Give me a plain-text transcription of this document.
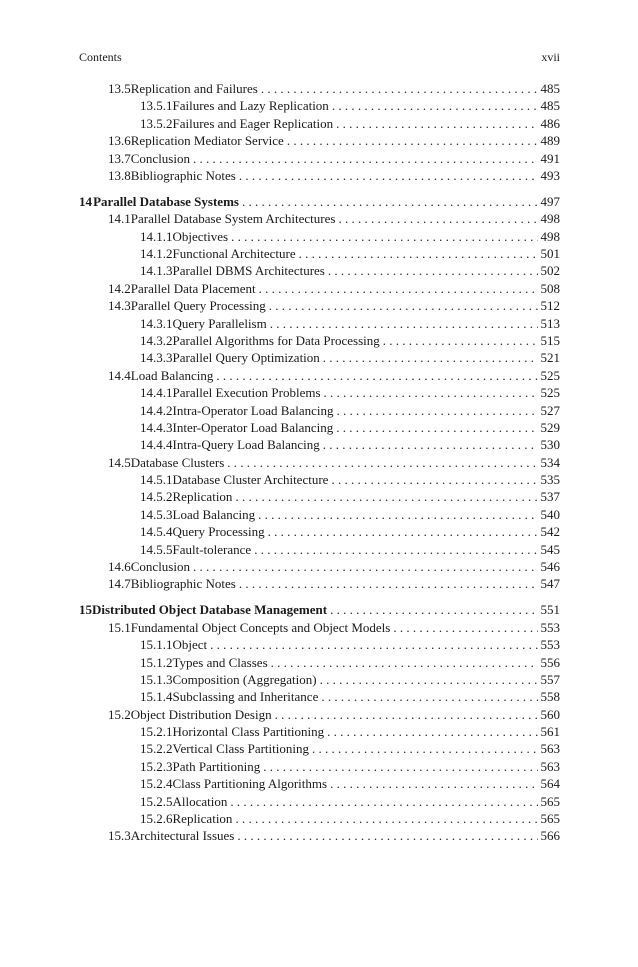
Contents	xvii
13.5 Replication and Failures . . .	485
13.5.1 Failures and Lazy Replication . . .	485
13.5.2 Failures and Eager Replication . . .	486
13.6 Replication Mediator Service . . .	489
13.7 Conclusion . . .	491
13.8 Bibliographic Notes . . .	493
14 Parallel Database Systems . . .	497
14.1 Parallel Database System Architectures . . .	498
14.1.1 Objectives . . .	498
14.1.2 Functional Architecture . . .	501
14.1.3 Parallel DBMS Architectures . . .	502
14.2 Parallel Data Placement . . .	508
14.3 Parallel Query Processing . . .	512
14.3.1 Query Parallelism . . .	513
14.3.2 Parallel Algorithms for Data Processing . . .	515
14.3.3 Parallel Query Optimization . . .	521
14.4 Load Balancing . . .	525
14.4.1 Parallel Execution Problems . . .	525
14.4.2 Intra-Operator Load Balancing . . .	527
14.4.3 Inter-Operator Load Balancing . . .	529
14.4.4 Intra-Query Load Balancing . . .	530
14.5 Database Clusters . . .	534
14.5.1 Database Cluster Architecture . . .	535
14.5.2 Replication . . .	537
14.5.3 Load Balancing . . .	540
14.5.4 Query Processing . . .	542
14.5.5 Fault-tolerance . . .	545
14.6 Conclusion . . .	546
14.7 Bibliographic Notes . . .	547
15 Distributed Object Database Management . . .	551
15.1 Fundamental Object Concepts and Object Models . . .	553
15.1.1 Object . . .	553
15.1.2 Types and Classes . . .	556
15.1.3 Composition (Aggregation) . . .	557
15.1.4 Subclassing and Inheritance . . .	558
15.2 Object Distribution Design . . .	560
15.2.1 Horizontal Class Partitioning . . .	561
15.2.2 Vertical Class Partitioning . . .	563
15.2.3 Path Partitioning . . .	563
15.2.4 Class Partitioning Algorithms . . .	564
15.2.5 Allocation . . .	565
15.2.6 Replication . . .	565
15.3 Architectural Issues . . .	566
